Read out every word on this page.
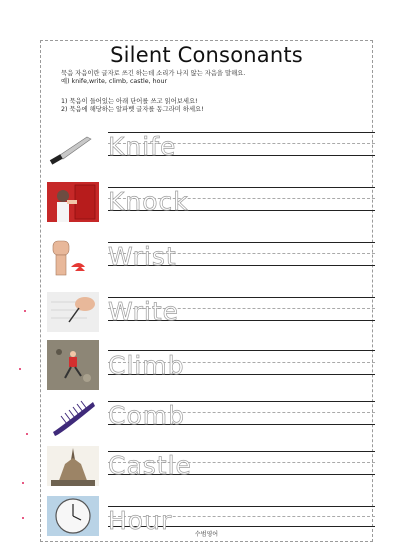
Silent Consonants
묵음 자음이란 글자로 쓰긴 하는데 소리가 나지 않는 자음을 말해요.
예) knife,write, climb, castle, hour
1) 묵음이 들어있는 아래 단어를 쓰고 읽어보세요!
2) 묵음에 해당하는 알파벳 글자를 동그라미 하세요!
Knife
Knock
Wrist
Write
Climb
Comb
Castle
Hour	수범영어
